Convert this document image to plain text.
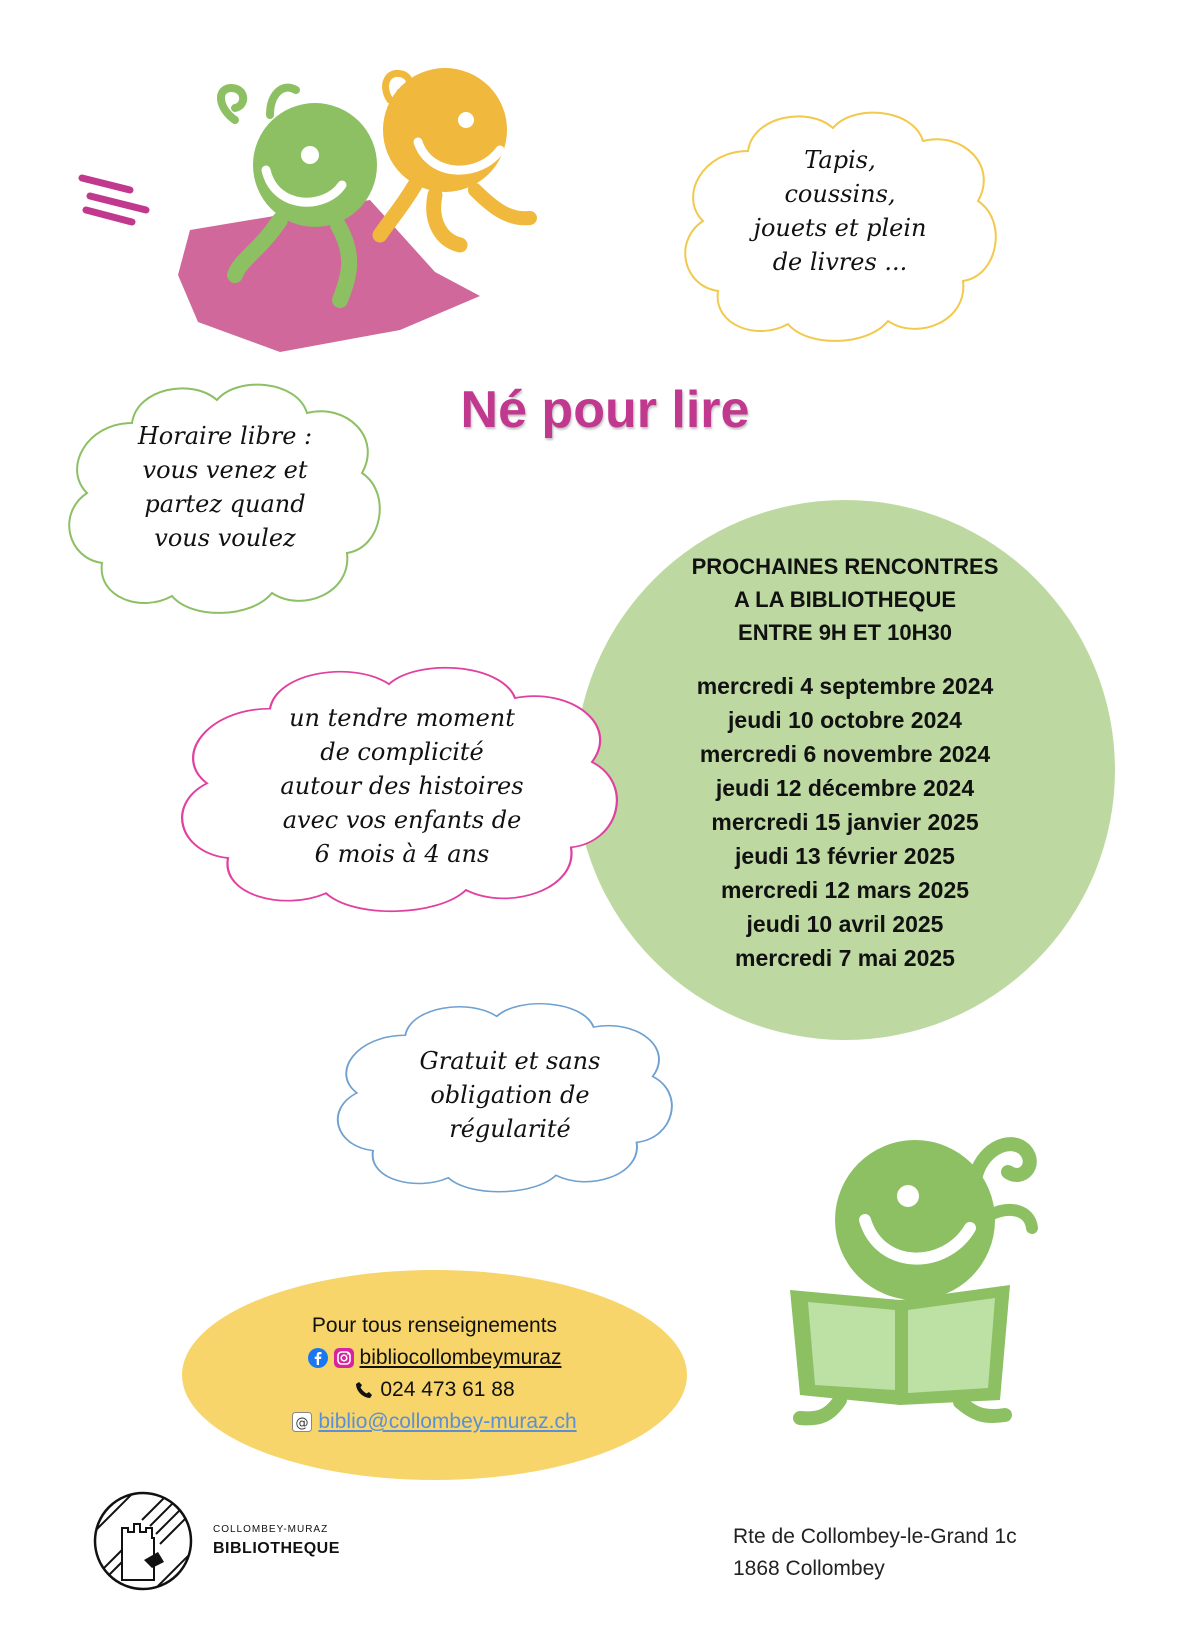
Tapis,
coussins,
jouets et plein
de livres ...
Né pour lire
Horaire libre :
vous venez et
partez quand
vous voulez
PROCHAINES RENCONTRES
A LA BIBLIOTHEQUE
ENTRE 9H ET 10H30
mercredi 4 septembre 2024
jeudi 10 octobre 2024
mercredi 6 novembre 2024
jeudi 12 décembre 2024
mercredi 15 janvier 2025
jeudi 13 février 2025
mercredi 12 mars 2025
jeudi 10 avril 2025
mercredi 7 mai 2025
un tendre moment
de complicité
autour des histoires
avec vos enfants de
6 mois à 4 ans
Gratuit et sans
obligation de
régularité
Pour tous renseignements
bibliocollombeymuraz
024 473 61 88
@ biblio@collombey-muraz.ch
COLLOMBEY-MURAZ
BIBLIOTHEQUE
Rte de Collombey-le-Grand 1c
1868 Collombey
